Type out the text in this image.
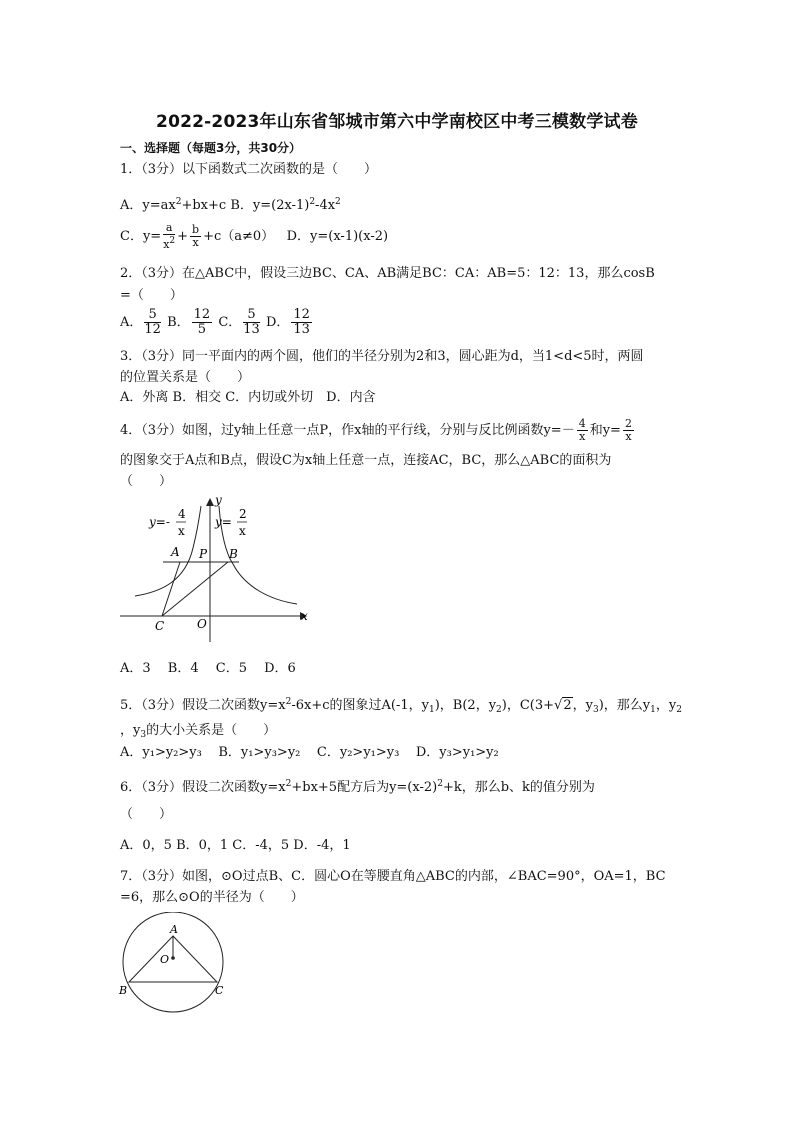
2022-2023年山东省邹城市第六中学南校区中考三模数学试卷
一、选择题（每题3分，共30分）
1．（3分）以下函数式二次函数的是（　　）
A．$y=ax^2+bx+c$ B．$y=(2x-1)^2-4x^2$
C．$y= \frac{a}{x^2} + \frac{b}{x} +c(a\ne 0)$ D．y=(x-1)(x-2)
2．（3分）在△ABC中，假设三边BC、CA、AB满足BC：CA：AB=5：12：13，那么cosB
=（　　）
A． $\frac{5}{12}$ B． $\frac{12}{5}$ C． $\frac{5}{13}$ D． $\frac{12}{13}$
3．（3分）同一平面内的两个圆，他们的半径分别为2和3，圆心距为d，当1<d<5时，两圆
的位置关系是（　　）
A．外离 B．相交 C．内切或外切　D．内含
4．（3分）如图，过y轴上任意一点P，作x轴的平行线，分别与反比例函数$y=- \frac{4}{x}$ 和$y= \frac{2}{x}$
的图象交于A点和B点，假设C为x轴上任意一点，连接AC，BC，那么△ABC的面积为
（　　）
y=-
4
x
y=
2
x
y
x
A P B
C	O
A．3　 B．4　 C．5　 D．6
5．（3分）假设二次函数$y=x^2-6x+c$的图象过A(-1，$y_1$)，B(2，$y_2$)，C(3+√2，$y_3$)，那么$y_1$，$y_2$
，$y_3$的大小关系是（　　）
A．y₁>y₂>y₃ B．y₁>y₃>y₂ C．y₂>y₁>y₃ D．y₃>y₁>y₂
6．（3分）假设二次函数$y=x^2+bx+5$配方后为$y=(x-2)^2+k$，那么b、k的值分别为
（　　）
A．0，5 B．0，1 C．-4，5 D．-4，1
7．（3分）如图，⊙O过点B、C．圆心O在等腰直角△ABC的内部，∠BAC=90°，OA=1，BC
=6，那么⊙O的半径为（　　）
A
O
B	C
